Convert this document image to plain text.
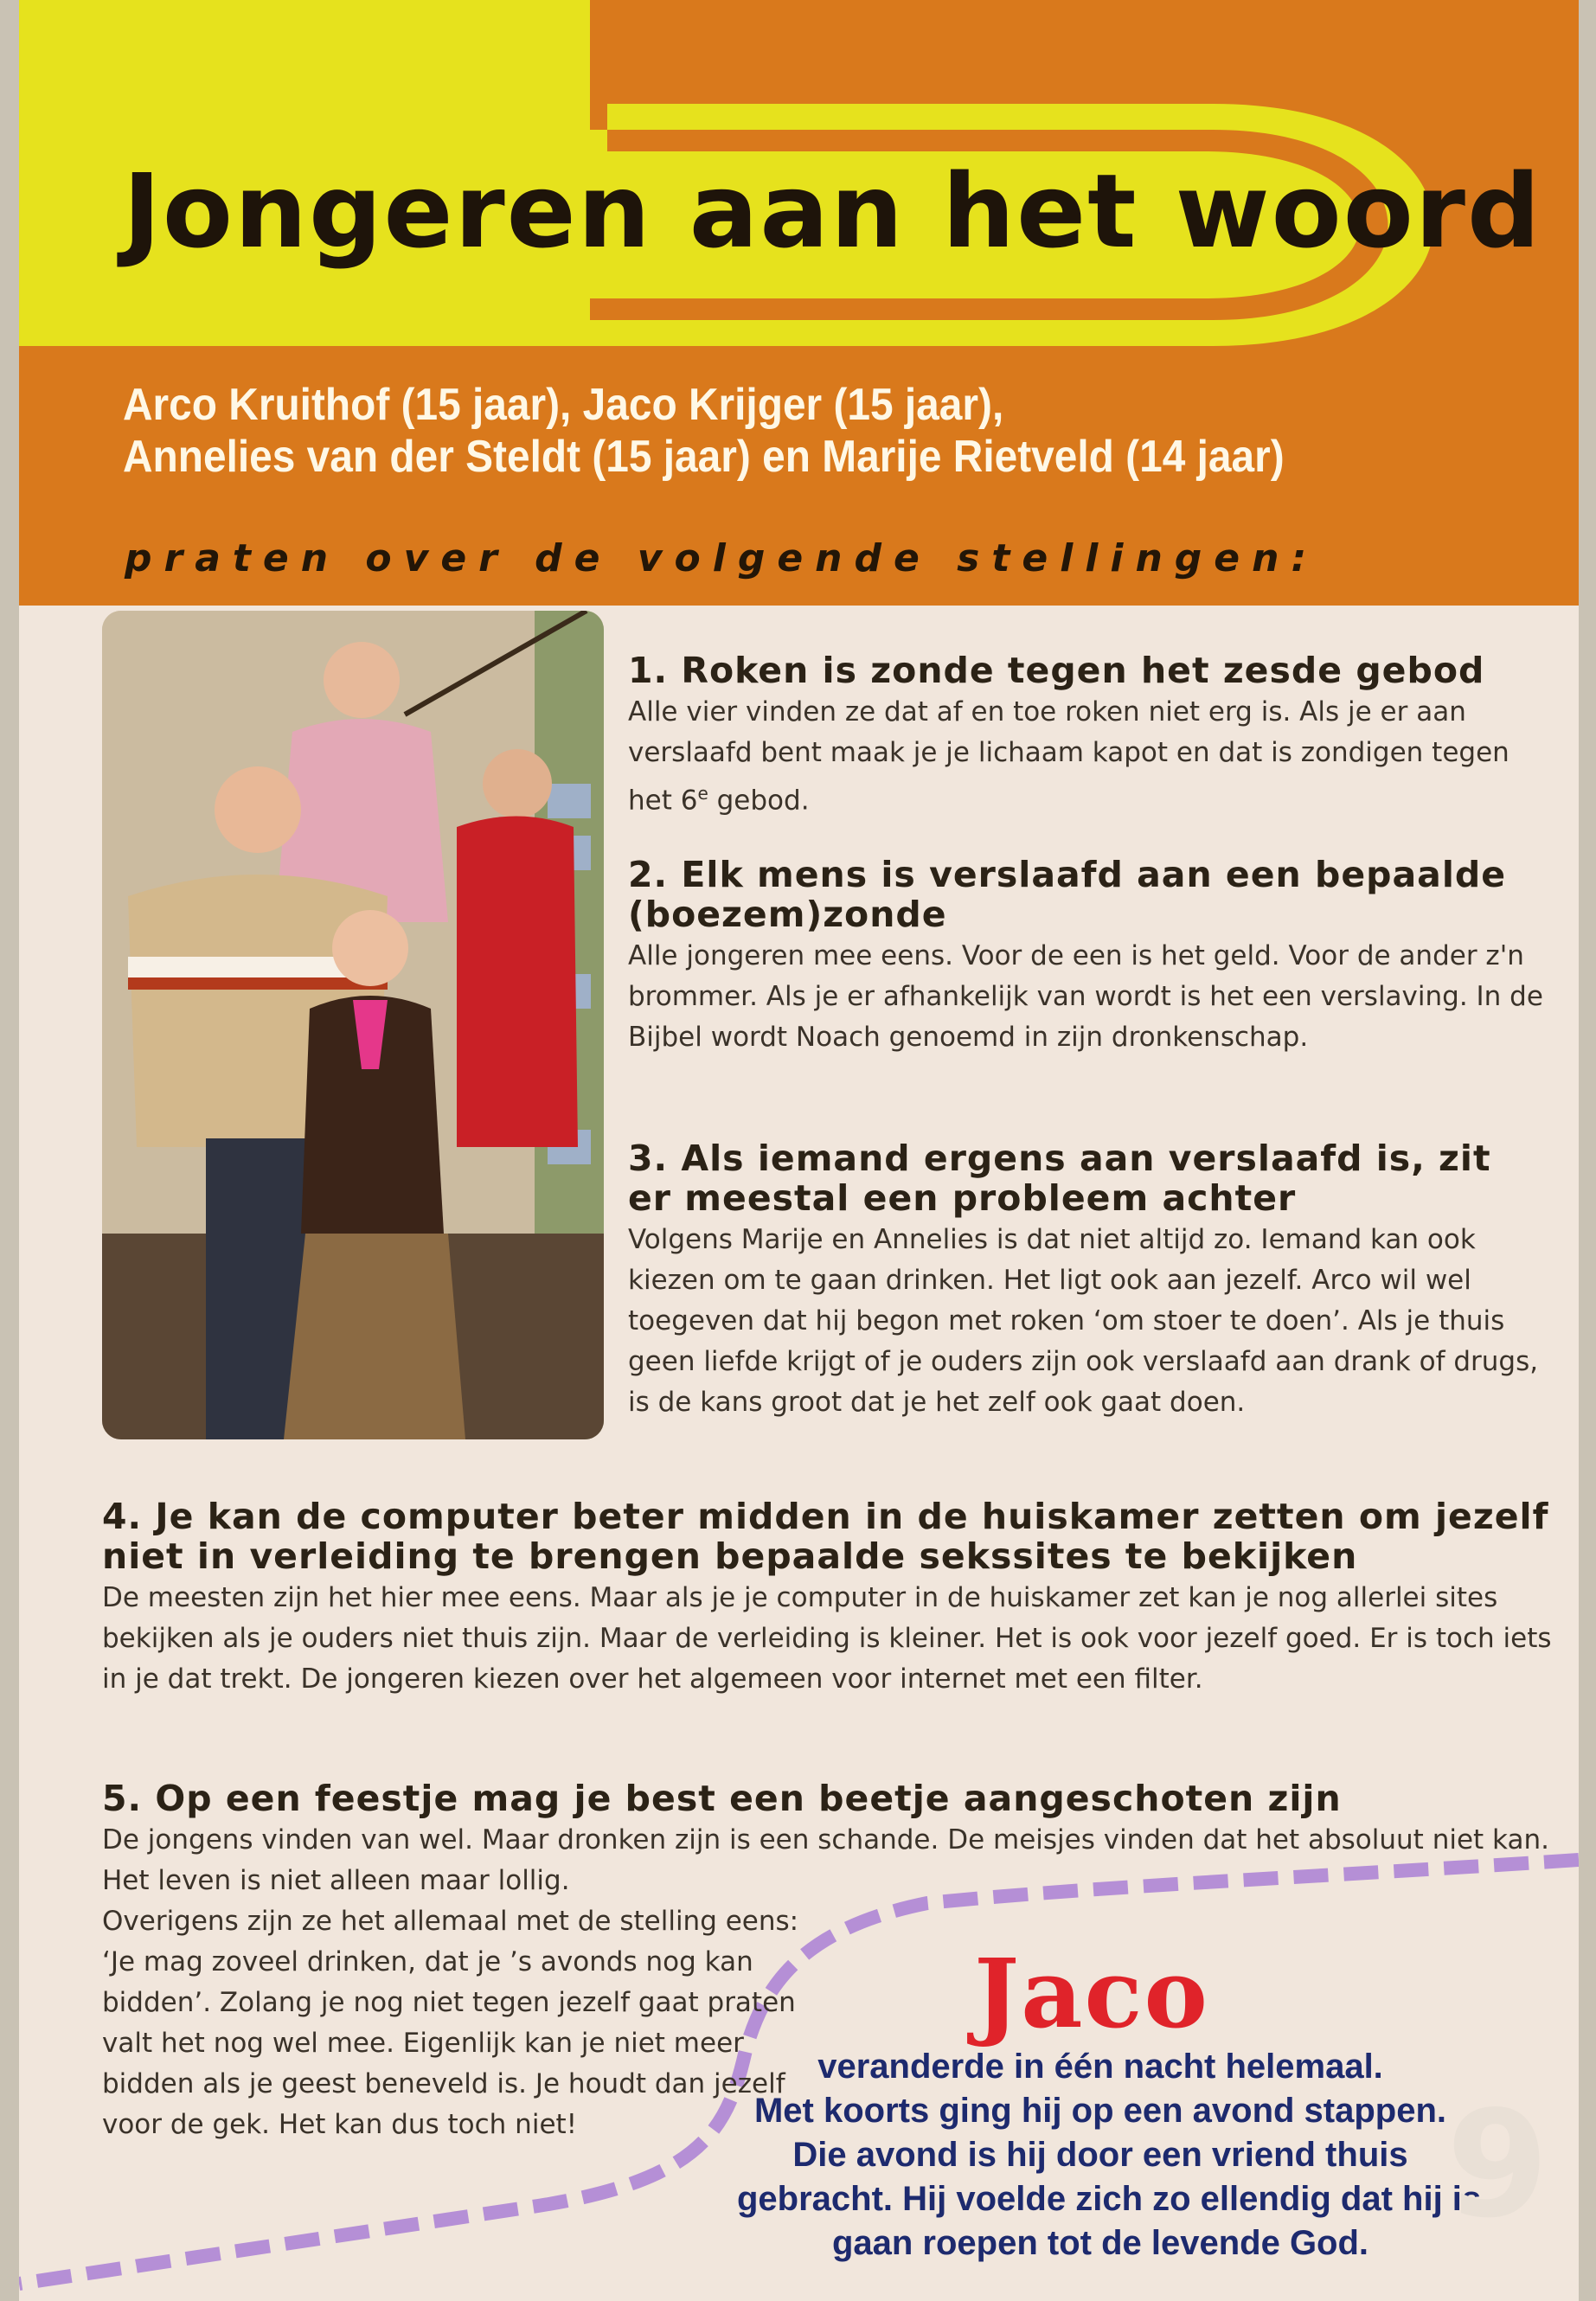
Jongeren aan het woord
Arco Kruithof (15 jaar), Jaco Krijger (15 jaar),
Annelies van der Steldt (15 jaar) en Marije Rietveld (14 jaar)
praten over de volgende stellingen:
1. Roken is zonde tegen het zesde gebod

Alle vier vinden ze dat af en toe roken niet erg is. Als je er aan verslaafd bent maak je je lichaam kapot en dat is zondigen tegen het 6e gebod.

2. Elk mens is verslaafd aan een bepaalde (boezem)zonde

Alle jongeren mee eens. Voor de een is het geld. Voor de ander z'n brommer. Als je er afhankelijk van wordt is het een verslaving. In de Bijbel wordt Noach genoemd in zijn dronkenschap.

3. Als iemand ergens aan verslaafd is, zit er meestal een probleem achter

Volgens Marije en Annelies is dat niet altijd zo. Iemand kan ook kiezen om te gaan drinken. Het ligt ook aan jezelf. Arco wil wel toegeven dat hij begon met roken ‘om stoer te doen’. Als je thuis geen liefde krijgt of je ouders zijn ook verslaafd aan drank of drugs, is de kans groot dat je het zelf ook gaat doen.

4. Je kan de computer beter midden in de huiskamer zetten om jezelf niet in verleiding te brengen bepaalde sekssites te bekijken

De meesten zijn het hier mee eens. Maar als je je computer in de huiskamer zet kan je nog allerlei sites bekijken als je ouders niet thuis zijn. Maar de verleiding is kleiner. Het is ook voor jezelf goed. Er is toch iets in je dat trekt. De jongeren kiezen over het algemeen voor internet met een filter.

5. Op een feestje mag je best een beetje aangeschoten zijn

De jongens vinden van wel. Maar dronken zijn is een schande. De meisjes vinden dat het absoluut niet kan. Het leven is niet alleen maar lollig.

Overigens zijn ze het allemaal met de stelling eens: ‘Je mag zoveel drinken, dat je ’s avonds nog kan bidden’. Zolang je nog niet tegen jezelf gaat praten valt het nog wel mee. Eigenlijk kan je niet meer bidden als je geest beneveld is. Je houdt dan jezelf voor de gek. Het kan dus toch niet!

Jaco
veranderde in één nacht helemaal.
Met koorts ging hij op een avond stappen.
Die avond is hij door een vriend thuis
gebracht. Hij voelde zich zo ellendig dat hij is
gaan roepen tot de levende God. 9
